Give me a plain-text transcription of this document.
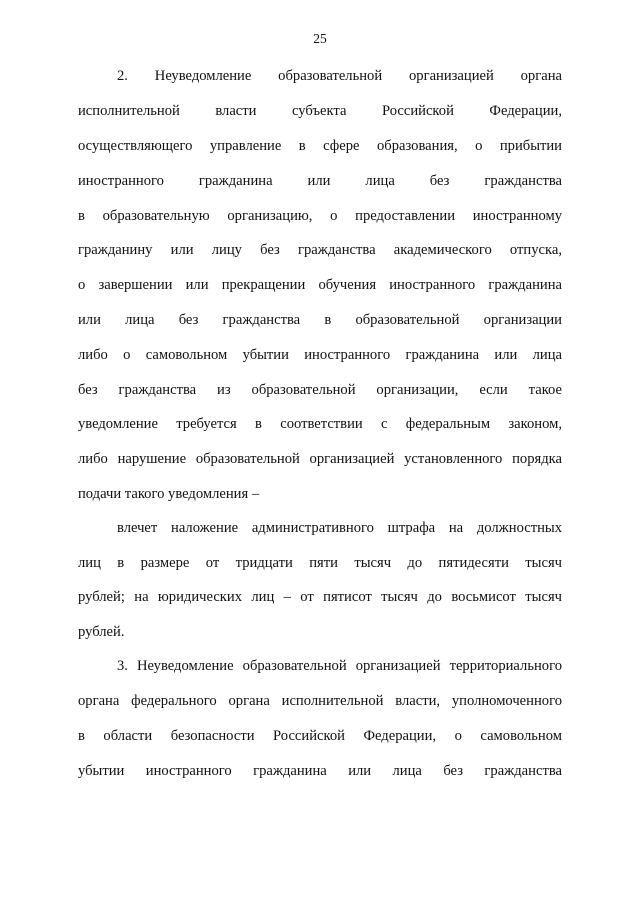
25
2. Неуведомление образовательной организацией органа
исполнительной власти субъекта Российской Федерации,
осуществляющего управление в сфере образования, о прибытии
иностранного гражданина или лица без гражданства
в образовательную организацию, о предоставлении иностранному
гражданину или лицу без гражданства академического отпуска,
о завершении или прекращении обучения иностранного гражданина
или лица без гражданства в образовательной организации
либо о самовольном убытии иностранного гражданина или лица
без гражданства из образовательной организации, если такое
уведомление требуется в соответствии с федеральным законом,
либо нарушение образовательной организацией установленного порядка
подачи такого уведомления –
влечет наложение административного штрафа на должностных
лиц в размере от тридцати пяти тысяч до пятидесяти тысяч
рублей; на юридических лиц – от пятисот тысяч до восьмисот тысяч
рублей.
3. Неуведомление образовательной организацией территориального
органа федерального органа исполнительной власти, уполномоченного
в области безопасности Российской Федерации, о самовольном
убытии иностранного гражданина или лица без гражданства
